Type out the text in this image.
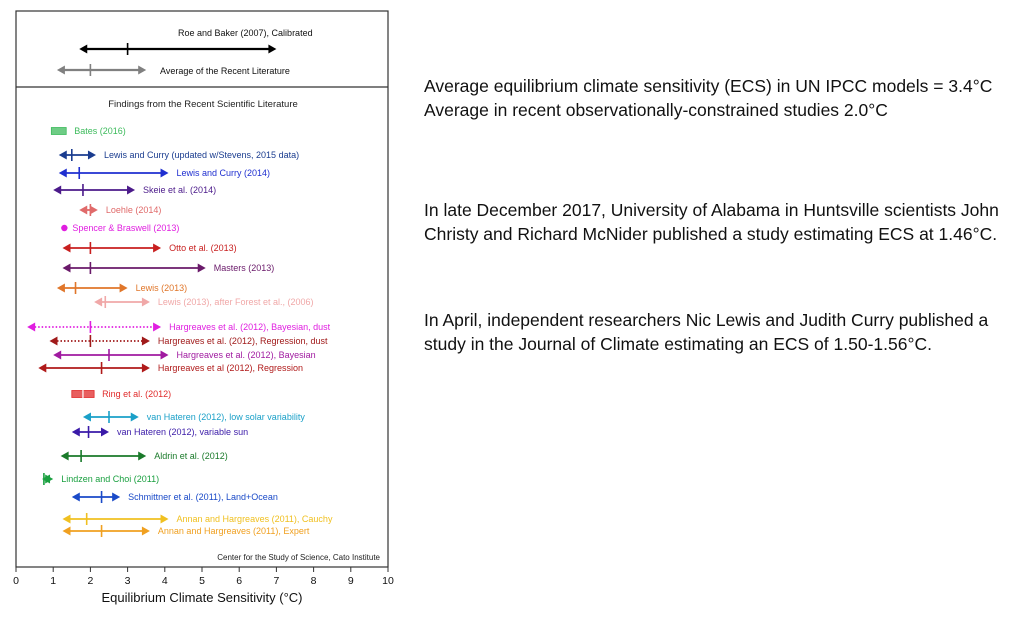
Findings from the Recent Scientific Literature
Center for the Study of Science, Cato Institute
Roe and Baker (2007), Calibrated
Average of the Recent Literature
Bates (2016)
Lewis and Curry (updated w/Stevens, 2015 data)
Lewis and Curry (2014)
Skeie et al. (2014)
Loehle (2014)
Spencer & Braswell (2013)
Otto et al. (2013)
Masters (2013)
Lewis (2013)
Lewis (2013), after Forest et al., (2006)
Hargreaves et al. (2012), Bayesian, dust
Hargreaves et al. (2012), Regression, dust
Hargreaves et al. (2012), Bayesian
Hargreaves et al (2012), Regression
Ring et al. (2012)
van Hateren (2012), low solar variability
van Hateren (2012), variable sun
Aldrin et al. (2012)
Lindzen and Choi (2011)
Schmittner et al. (2011), Land+Ocean
Annan and Hargreaves (2011), Cauchy
Annan and Hargreaves (2011), Expert
0	1	2	3	4	5	6	7	8	9	10
Equilibrium Climate Sensitivity (°C)

Average equilibrium climate sensitivity (ECS) in UN IPCC models = 3.4°C
Average in recent observationally-constrained studies 2.0°C

In late December 2017, University of Alabama in Huntsville scientists John Christy and Richard McNider published a study estimating ECS at 1.46°C.

In April, independent researchers Nic Lewis and Judith Curry published a study in the Journal of Climate estimating an ECS of 1.50-1.56°C.
